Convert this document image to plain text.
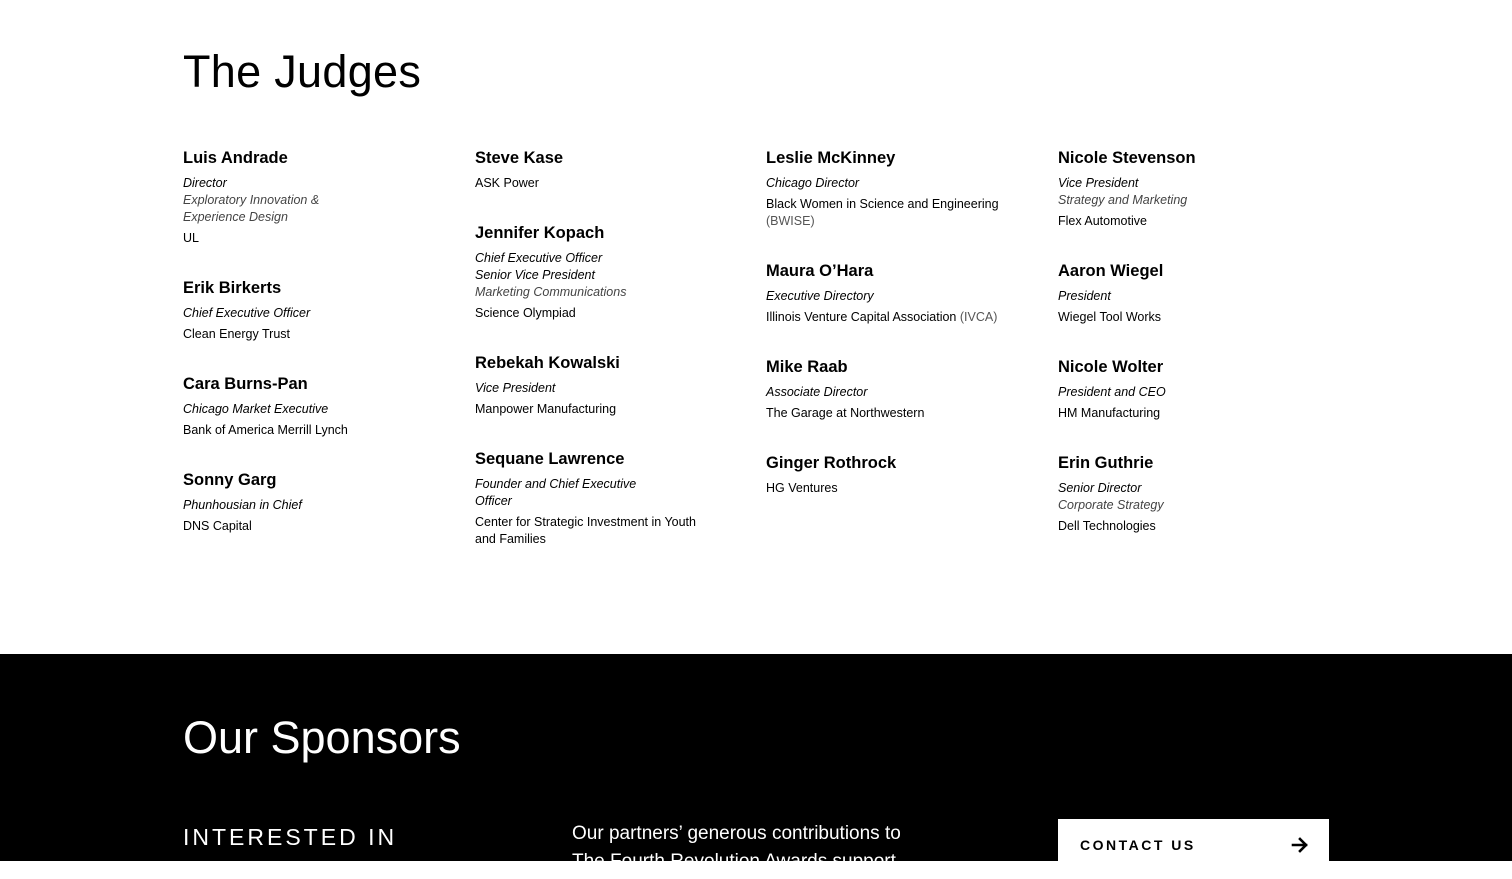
The Judges
Luis Andrade
Director
Exploratory Innovation &
Experience Design
UL
Erik Birkerts
Chief Executive Officer
Clean Energy Trust
Cara Burns-Pan
Chicago Market Executive
Bank of America Merrill Lynch
Sonny Garg
Phunhousian in Chief
DNS Capital
Steve Kase
ASK Power
Jennifer Kopach
Chief Executive Officer
Senior Vice President
Marketing Communications
Science Olympiad
Rebekah Kowalski
Vice President
Manpower Manufacturing
Sequane Lawrence
Founder and Chief Executive
Officer
Center for Strategic Investment in Youth and Families
Leslie McKinney
Chicago Director
Black Women in Science and Engineering (BWISE)
Maura O’Hara
Executive Directory
Illinois Venture Capital Association (IVCA)
Mike Raab
Associate Director
The Garage at Northwestern
Ginger Rothrock
HG Ventures
Nicole Stevenson
Vice President
Strategy and Marketing
Flex Automotive
Aaron Wiegel
President
Wiegel Tool Works
Nicole Wolter
President and CEO
HM Manufacturing
Erin Guthrie
Senior Director
Corporate Strategy
Dell Technologies
Our Sponsors
INTERESTED IN	Our partners’ generous contributions to The Fourth Revolution Awards support

CONTACT US
